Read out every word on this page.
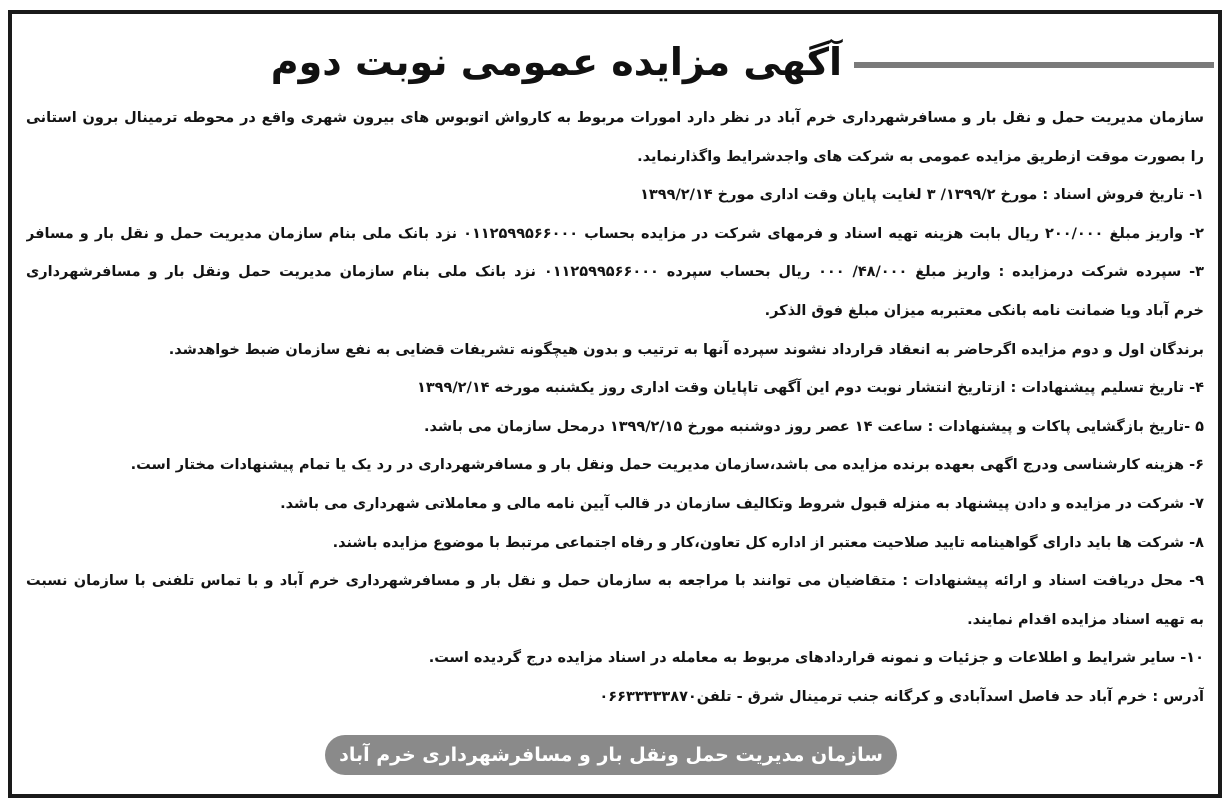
آگهی مزایده عمومی نوبت دوم
سازمان مدیریت حمل و نقل بار و مسافرشهرداری خرم آباد در نظر دارد امورات مربوط به کارواش اتوبوس های بیرون شهری واقع در محوطه ترمینال برون استانی
را بصورت موقت ازطریق مزایده عمومی به شرکت های واجدشرایط واگذارنماید.
۱- تاریخ فروش اسناد : مورخ ۱۳۹۹/۲/ ۳ لغایت پایان وقت اداری مورخ ۱۳۹۹/۲/۱۴
۲- واریز مبلغ ۲۰۰/۰۰۰ ریال بابت هزینه تهیه اسناد و فرمهای شرکت در مزایده بحساب ۰۱۱۲۵۹۹۵۶۶۰۰۰ نزد بانک ملی بنام سازمان مدیریت حمل و نقل بار و مسافر
۳- سپرده شرکت درمزایده : واریز مبلغ ۴۸/۰۰۰/ ۰۰۰ ریال بحساب سپرده ۰۱۱۲۵۹۹۵۶۶۰۰۰ نزد بانک ملی بنام سازمان مدیریت حمل ونقل بار و مسافرشهرداری
خرم آباد ویا ضمانت نامه بانکی معتبربه میزان مبلغ فوق الذکر.
برندگان اول و دوم مزایده اگرحاضر به انعقاد قرارداد نشوند سپرده آنها به ترتیب و بدون هیچگونه تشریفات قضایی به نفع سازمان ضبط خواهدشد.
۴- تاریخ تسلیم پیشنهادات : ازتاریخ انتشار نوبت دوم این آگهی تاپایان وقت اداری روز یکشنبه مورخه ۱۳۹۹/۲/۱۴
۵ -تاریخ بازگشایی پاکات و پیشنهادات : ساعت ۱۴ عصر روز دوشنبه مورخ ۱۳۹۹/۲/۱۵ درمحل سازمان می باشد.
۶- هزینه کارشناسی ودرج اگهی بعهده برنده مزایده می باشد،سازمان مدیریت حمل ونقل بار و مسافرشهرداری در رد یک یا تمام پیشنهادات مختار است.
۷- شرکت در مزایده و دادن پیشنهاد به منزله قبول شروط وتکالیف سازمان در قالب آیین نامه مالی و معاملاتی شهرداری می باشد.
۸- شرکت ها باید دارای گواهینامه تایید صلاحیت معتبر از اداره کل تعاون،کار و رفاه اجتماعی مرتبط با موضوع مزایده باشند.
۹- محل دریافت اسناد و ارائه پیشنهادات : متقاضیان می توانند با مراجعه به سازمان حمل و نقل بار و مسافرشهرداری خرم آباد و با تماس تلفنی با سازمان نسبت
به تهیه اسناد مزایده اقدام نمایند.
۱۰- سایر شرایط و اطلاعات و جزئیات و نمونه قراردادهای مربوط به معامله در اسناد مزایده درج گردیده است.
آدرس : خرم آباد حد فاصل اسدآبادی و کرگانه جنب ترمینال شرق - تلفن۰۶۶۳۳۳۳۳۸۷۰
سازمان مدیریت حمل ونقل بار و مسافرشهرداری خرم آباد
